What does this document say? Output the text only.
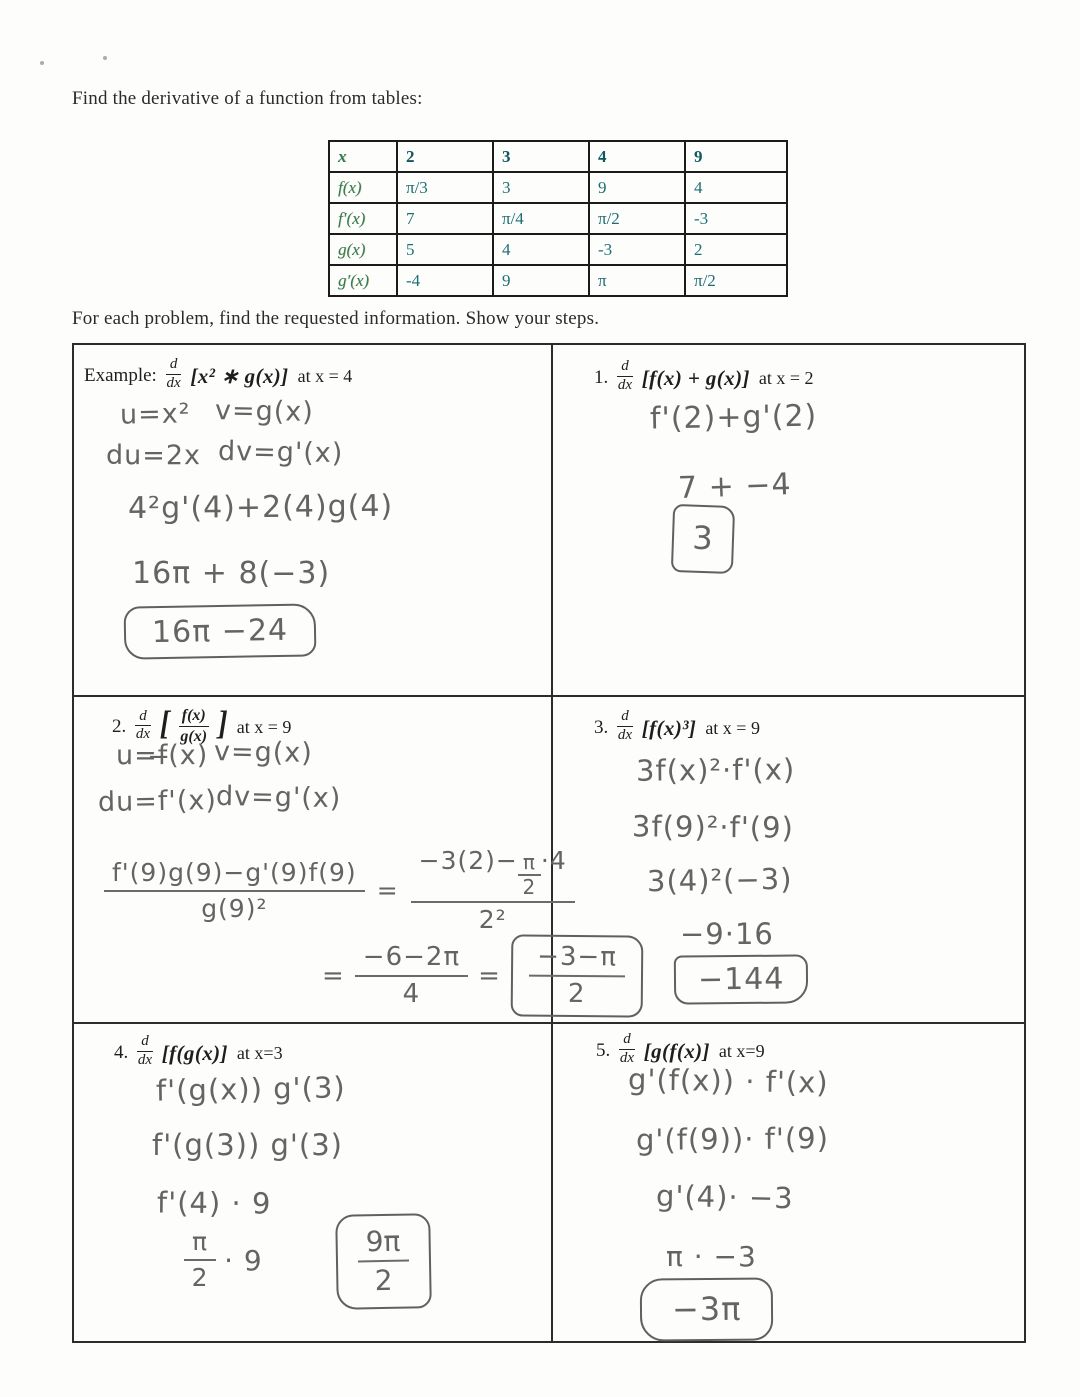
Find the derivative of a function from tables:
x	2	3	4	9
f(x)	π/3	3	9	4
f′(x)	7	π/4	π/2	-3
g(x)	5	4	-3	2
g′(x)	-4	9	π	π/2
For each problem, find the requested information. Show your steps.
Example:
d
dx [x² ∗ g(x)] at x = 4
u=x² v=g(x)
du=2x dv=g'(x)
4²g'(4)+2(4)g(4)
16π + 8(−3)
16π −24
1.
d
dx [f(x) + g(x)] at x = 2
f'(2)+g'(2)
7 + −4
3
2.
d
dx [ f(x)
g(x) ] at x = 9
u=f̶(x) v=g(x)
du=f'(x)
dv=g'(x)
$\frac{f'(9)g(9)-g'(9)f(9)}{\text{g(9)²}} = \frac{-3(2)- \frac{\pi}{2} \cdot 4}{\text{2²}}$
= $\frac{-6-2\pi}{4}$ =
−3−π
2
3.
d
dx [f(x)³] at x = 9
3f(x)²·f'(x)
3f(9)²·f'(9)
3(4)²(−3)
−9·16
−144
4.
d
dx [f(g(x)] at x=3
f'(g(x)) g'(3)
f'(g(3)) g'(3)
f'(4) · 9
π
2
· 9
9π
2
5.
d
dx [g(f(x)] at x=9
g'(f(x)) · f'(x)
g'(f(9))· f'(9)
g'(4)· −3
π · −3
−3π
